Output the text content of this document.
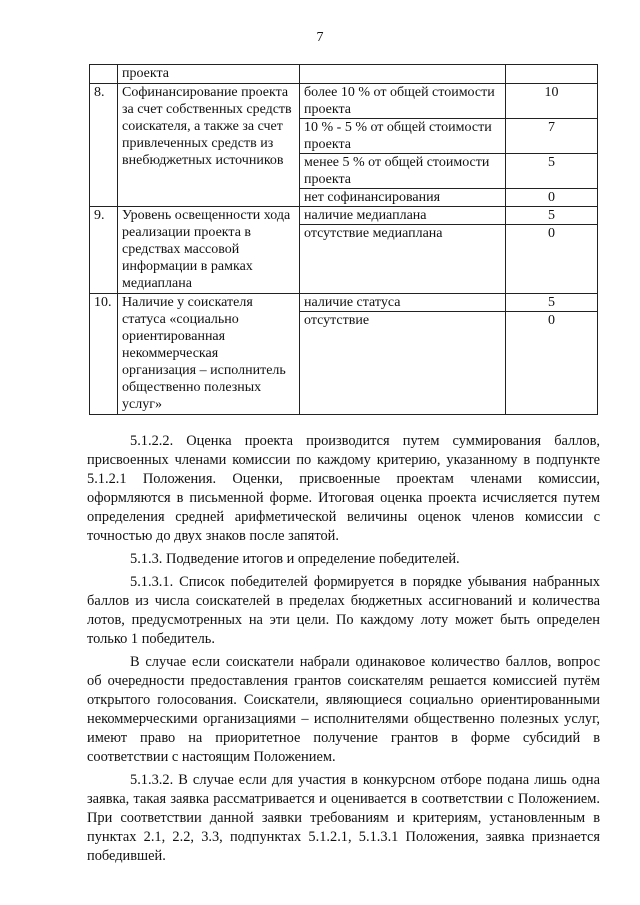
7
	проекта		
8.	Софинансирование проекта за счет собственных средств соискателя, а также за счет привлеченных средств из внебюджетных источников	более 10 % от общей стоимости проекта	10
		10 % - 5 % от общей стоимости проекта	7
		менее 5 % от общей стоимости проекта	5
		нет софинансирования	0
9.	Уровень освещенности хода реализации проекта в средствах массовой информации в рамках медиаплана	наличие медиаплана	5
		отсутствие медиаплана	0
10.	Наличие у соискателя статуса «социально ориентированная некоммерческая организация – исполнитель общественно полезных услуг»	наличие статуса	5
		отсутствие	0

5.1.2.2. Оценка проекта производится путем суммирования баллов, присвоенных членами комиссии по каждому критерию, указанному в подпункте 5.1.2.1 Положения. Оценки, присвоенные проектам членами комиссии, оформляются в письменной форме. Итоговая оценка проекта исчисляется путем определения средней арифметической величины оценок членов комиссии с точностью до двух знаков после запятой.

5.1.3. Подведение итогов и определение победителей.

5.1.3.1. Список победителей формируется в порядке убывания набранных баллов из числа соискателей в пределах бюджетных ассигнований и количества лотов, предусмотренных на эти цели. По каждому лоту может быть определен только 1 победитель.

В случае если соискатели набрали одинаковое количество баллов, вопрос об очередности предоставления грантов соискателям решается комиссией путём открытого голосования. Соискатели, являющиеся социально ориентированными некоммерческими организациями – исполнителями общественно полезных услуг, имеют право на приоритетное получение грантов в форме субсидий в соответствии с настоящим Положением.

5.1.3.2. В случае если для участия в конкурсном отборе подана лишь одна заявка, такая заявка рассматривается и оценивается в соответствии с Положением. При соответствии данной заявки требованиям и критериям, установленным в пунктах 2.1, 2.2, 3.3, подпунктах 5.1.2.1, 5.1.3.1 Положения, заявка признается победившей.
